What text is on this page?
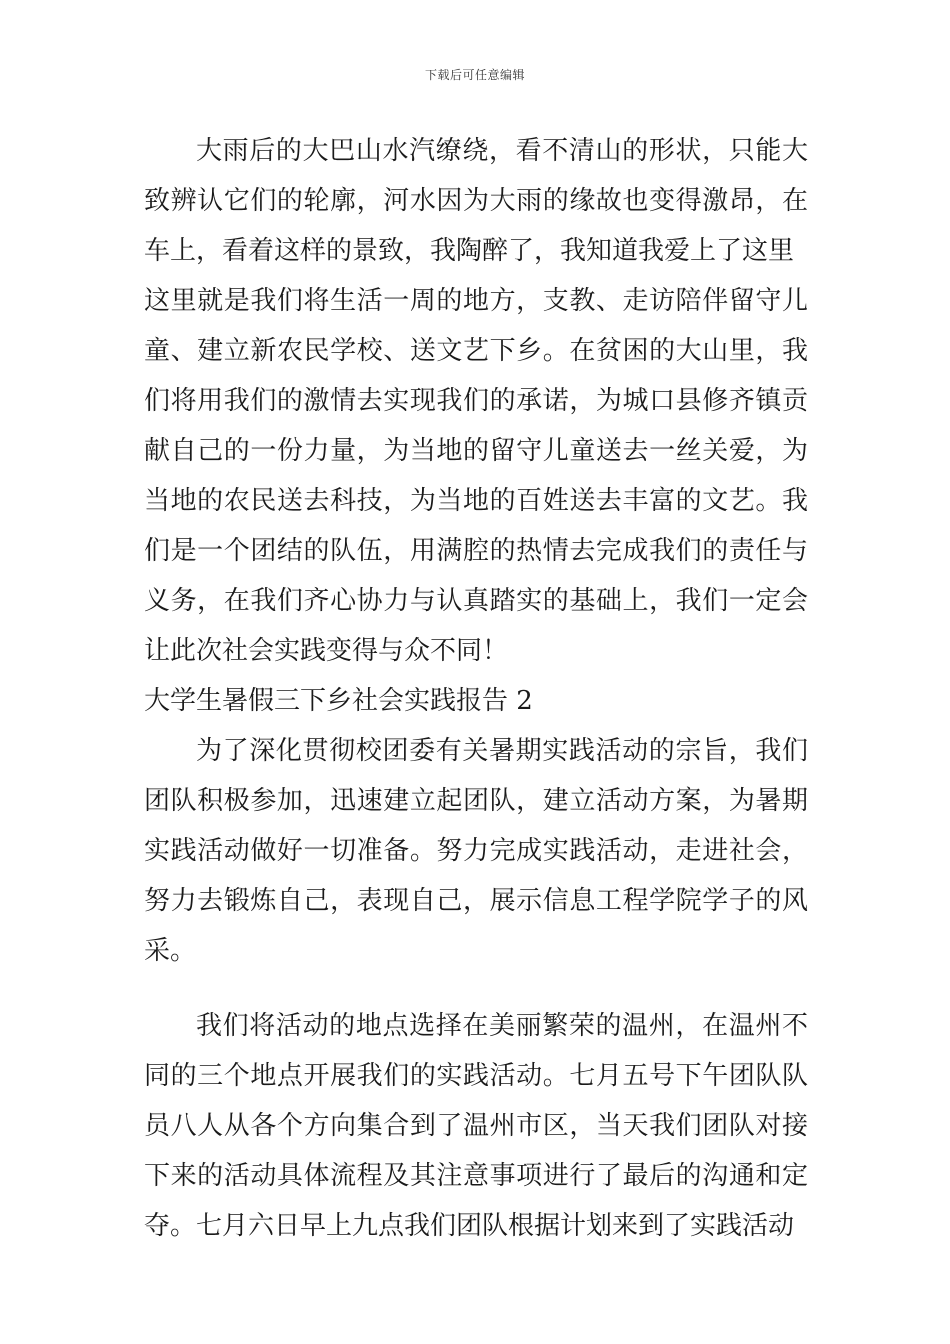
下载后可任意编辑

大雨后的大巴山水汽缭绕，看不清山的形状，只能大致辨认它们的轮廓，河水因为大雨的缘故也变得激昂，在车上，看着这样的景致，我陶醉了，我知道我爱上了这里

这里就是我们将生活一周的地方，支教、走访陪伴留守儿童、建立新农民学校、送文艺下乡。在贫困的大山里，我们将用我们的激情去实现我们的承诺，为城口县修齐镇贡献自己的一份力量，为当地的留守儿童送去一丝关爱，为当地的农民送去科技，为当地的百姓送去丰富的文艺。我们是一个团结的队伍，用满腔的热情去完成我们的责任与义务，在我们齐心协力与认真踏实的基础上，我们一定会让此次社会实践变得与众不同！

大学生暑假三下乡社会实践报告 2

为了深化贯彻校团委有关暑期实践活动的宗旨，我们团队积极参加，迅速建立起团队，建立活动方案，为暑期实践活动做好一切准备。努力完成实践活动，走进社会，努力去锻炼自己，表现自己，展示信息工程学院学子的风采。

我们将活动的地点选择在美丽繁荣的温州，在温州不同的三个地点开展我们的实践活动。七月五号下午团队队员八人从各个方向集合到了温州市区，当天我们团队对接下来的活动具体流程及其注意事项进行了最后的沟通和定夺。七月六日早上九点我们团队根据计划来到了实践活动
